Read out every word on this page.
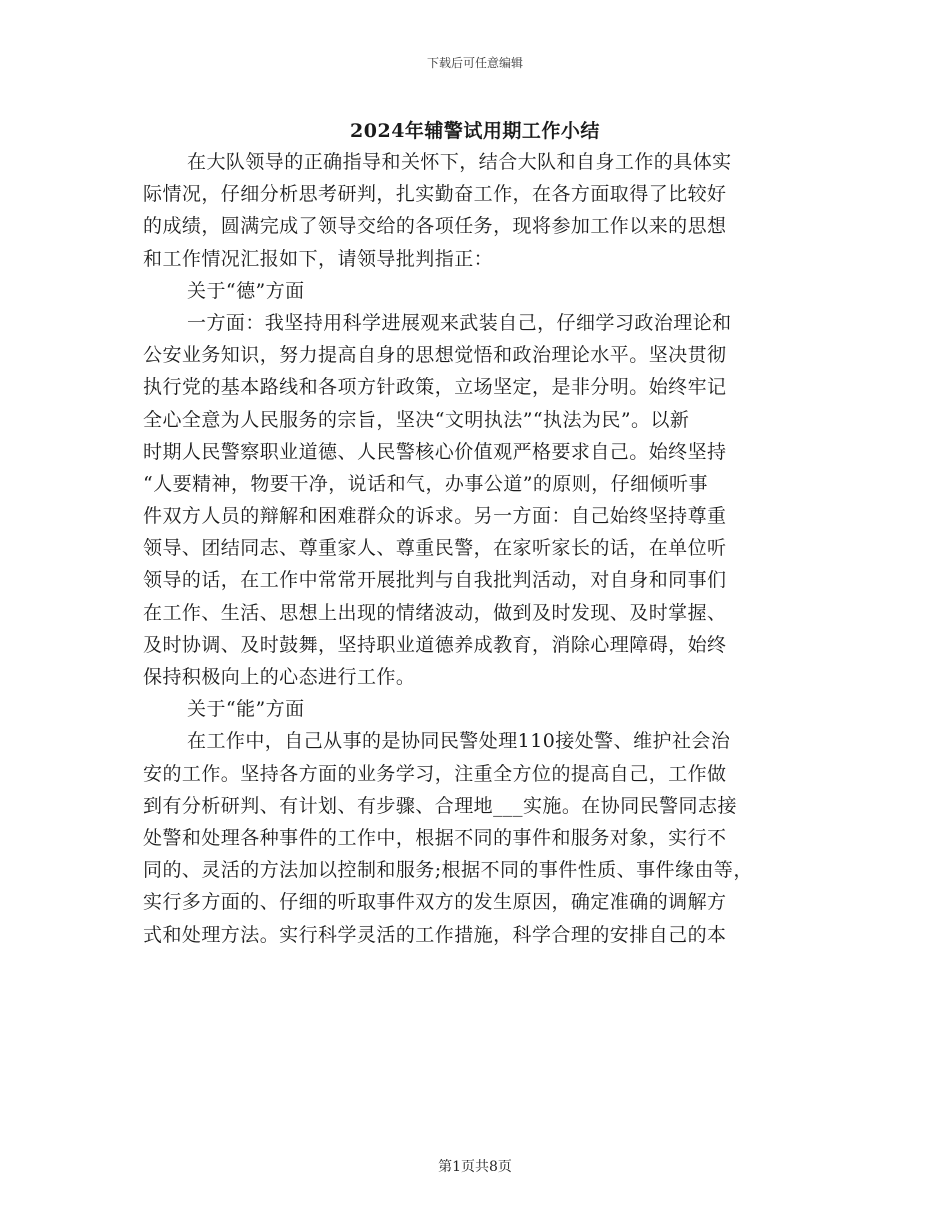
下载后可任意编辑
2024年辅警试用期工作小结
在大队领导的正确指导和关怀下，结合大队和自身工作的具体实
际情况，仔细分析思考研判，扎实勤奋工作，在各方面取得了比较好
的成绩，圆满完成了领导交给的各项任务，现将参加工作以来的思想
和工作情况汇报如下，请领导批判指正：
关于“德”方面
一方面：我坚持用科学进展观来武装自己，仔细学习政治理论和
公安业务知识，努力提高自身的思想觉悟和政治理论水平。坚决贯彻
执行党的基本路线和各项方针政策，立场坚定，是非分明。始终牢记
全心全意为人民服务的宗旨，坚决“文明执法”“执法为民”。以新
时期人民警察职业道德、人民警核心价值观严格要求自己。始终坚持
“人要精神，物要干净，说话和气，办事公道”的原则，仔细倾听事
件双方人员的辩解和困难群众的诉求。另一方面：自己始终坚持尊重
领导、团结同志、尊重家人、尊重民警，在家听家长的话，在单位听
领导的话，在工作中常常开展批判与自我批判活动，对自身和同事们
在工作、生活、思想上出现的情绪波动，做到及时发现、及时掌握、
及时协调、及时鼓舞，坚持职业道德养成教育，消除心理障碍，始终
保持积极向上的心态进行工作。
关于“能”方面
在工作中，自己从事的是协同民警处理110接处警、维护社会治
安的工作。坚持各方面的业务学习，注重全方位的提高自己，工作做
到有分析研判、有计划、有步骤、合理地___实施。在协同民警同志接
处警和处理各种事件的工作中，根据不同的事件和服务对象，实行不
同的、灵活的方法加以控制和服务;根据不同的事件性质、事件缘由等，
实行多方面的、仔细的听取事件双方的发生原因，确定准确的调解方
式和处理方法。实行科学灵活的工作措施，科学合理的安排自己的本
第1页共8页
